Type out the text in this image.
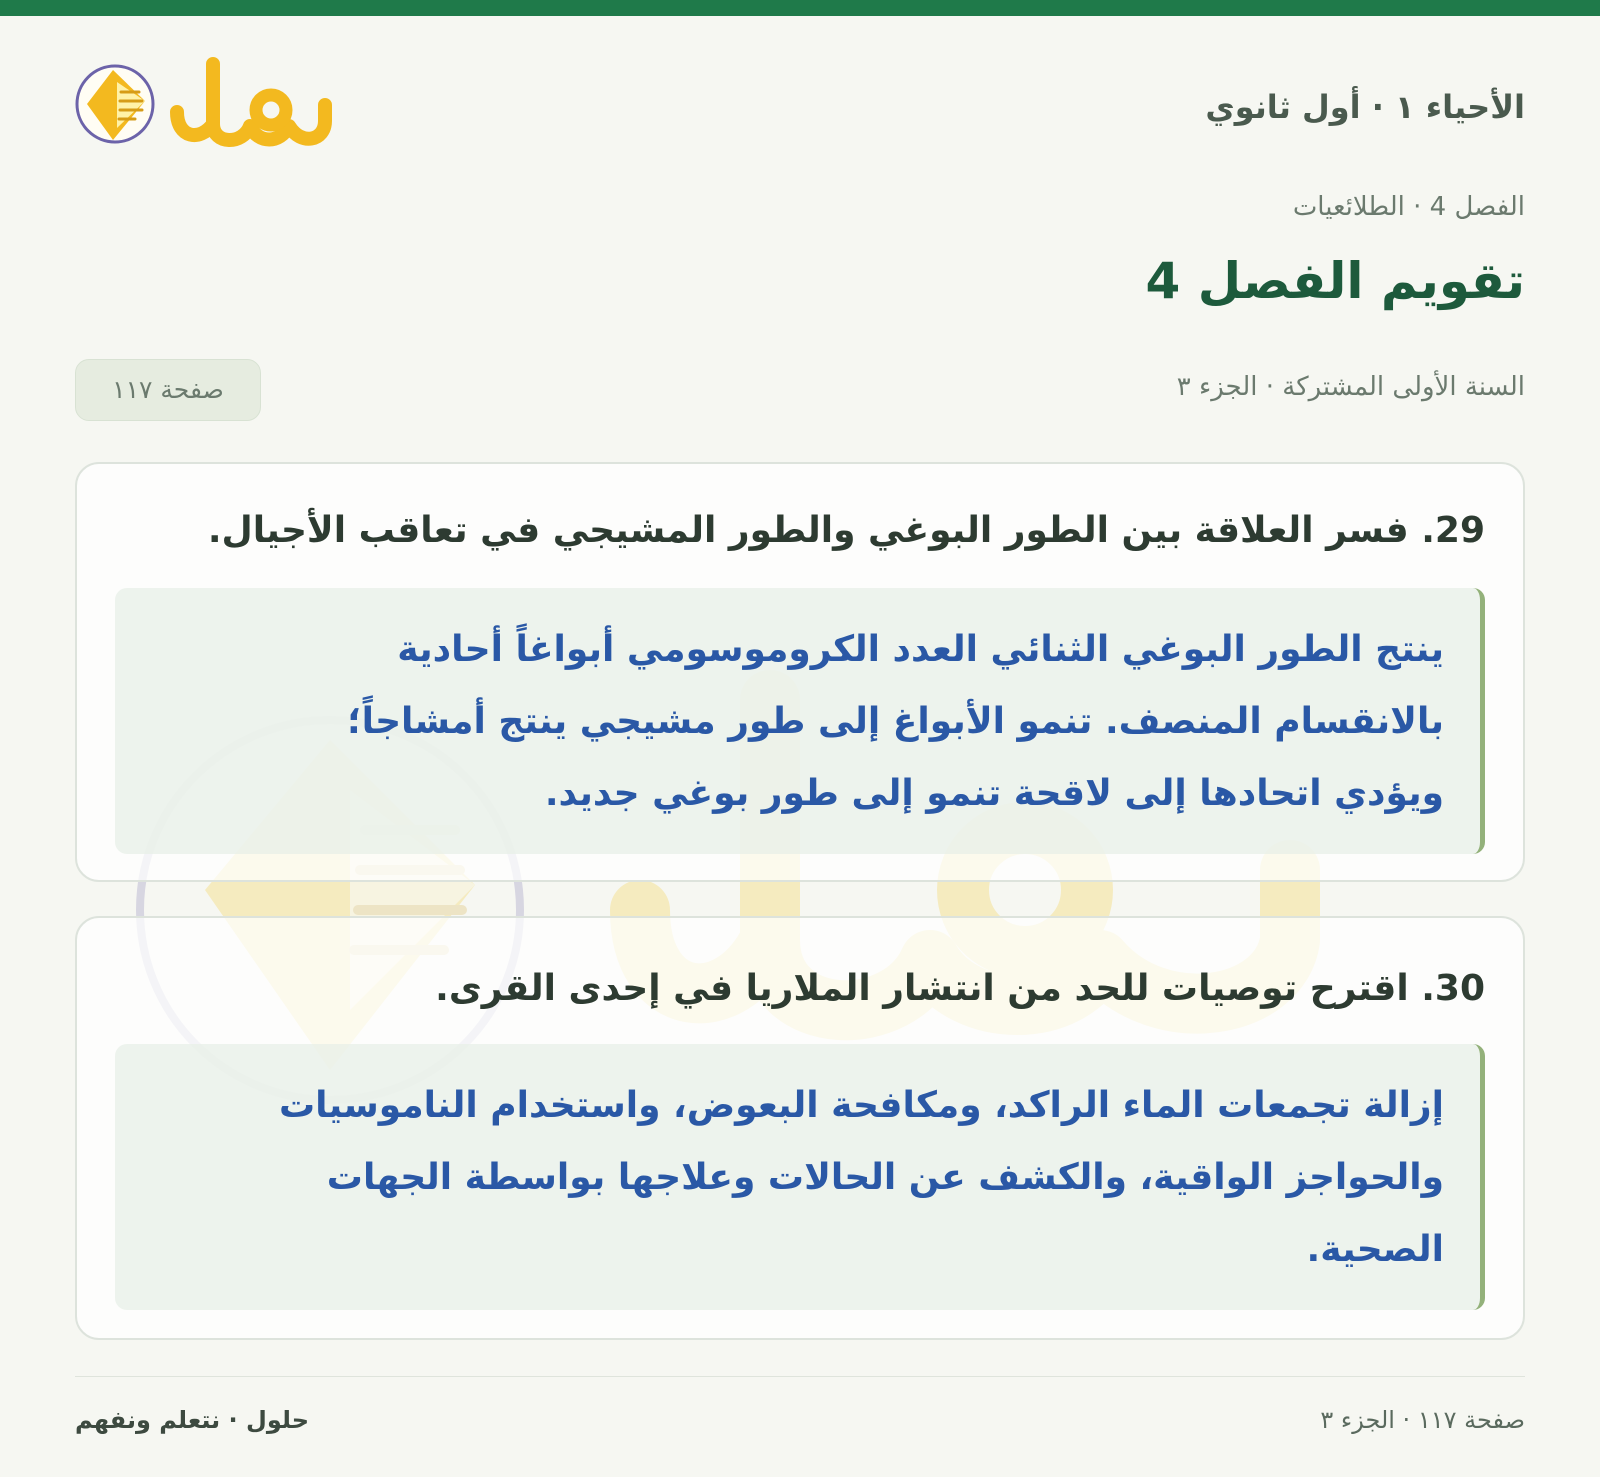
الأحياء ١ · أول ثانوي
الفصل 4 · الطلائعيات
تقويم الفصل 4
السنة الأولى المشتركة · الجزء ٣
صفحة ١١٧
29. فسر العلاقة بين الطور البوغي والطور المشيجي في تعاقب الأجيال.
ينتج الطور البوغي الثنائي العدد الكروموسومي أبواغاً أحادية
بالانقسام المنصف. تنمو الأبواغ إلى طور مشيجي ينتج أمشاجاً؛
ويؤدي اتحادها إلى لاقحة تنمو إلى طور بوغي جديد.
30. اقترح توصيات للحد من انتشار الملاريا في إحدى القرى.
إزالة تجمعات الماء الراكد، ومكافحة البعوض، واستخدام الناموسيات
والحواجز الواقية، والكشف عن الحالات وعلاجها بواسطة الجهات
الصحية.
صفحة ١١٧ · الجزء ٣
حلول · نتعلم ونفهم
